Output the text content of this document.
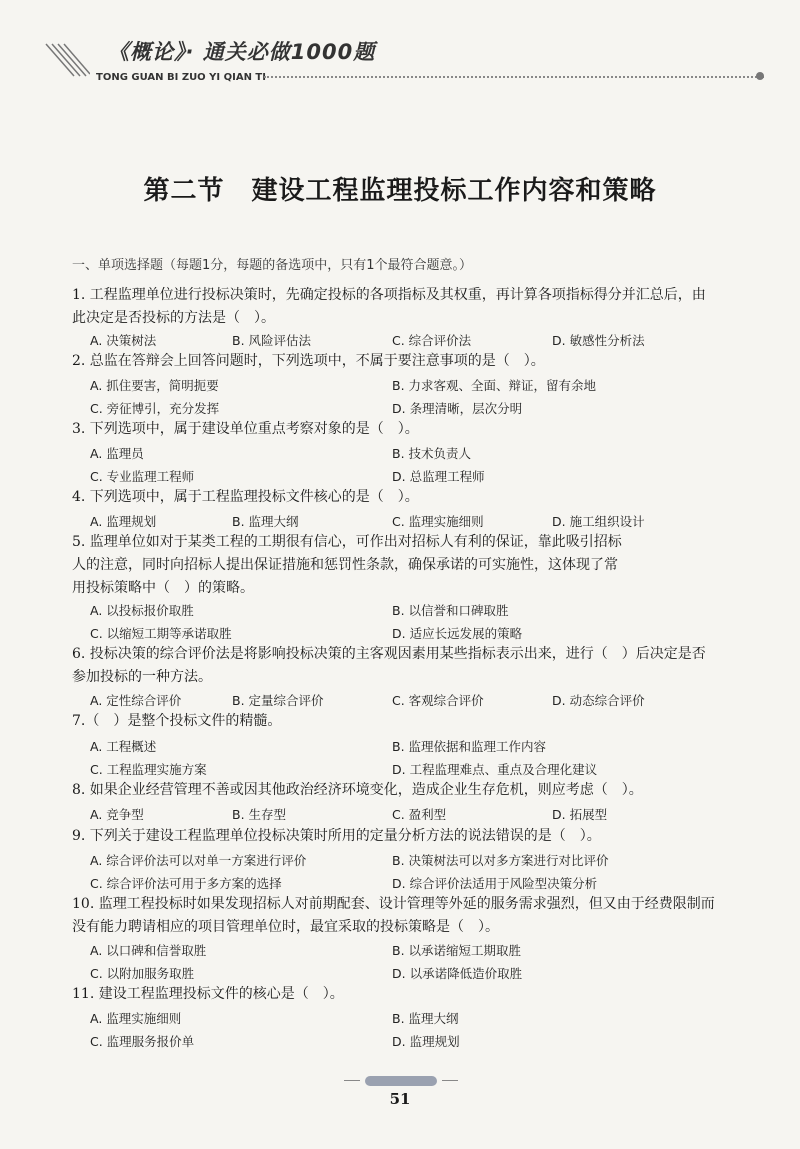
《概论》· 通关必做1000题
TONG GUAN BI ZUO YI QIAN TI
第二节　建设工程监理投标工作内容和策略
一、单项选择题（每题1分，每题的备选项中，只有1个最符合题意。）
1. 工程监理单位进行投标决策时，先确定投标的各项指标及其权重，再计算各项指标得分并汇总后，由
此决定是否投标的方法是（　）。
A. 决策树法	B. 风险评估法	C. 综合评价法	D. 敏感性分析法
2. 总监在答辩会上回答问题时，下列选项中，不属于要注意事项的是（　）。
A. 抓住要害，简明扼要	B. 力求客观、全面、辩证，留有余地
C. 旁征博引，充分发挥	D. 条理清晰，层次分明
3. 下列选项中，属于建设单位重点考察对象的是（　）。
A. 监理员	B. 技术负责人
C. 专业监理工程师	D. 总监理工程师
4. 下列选项中，属于工程监理投标文件核心的是（　）。
A. 监理规划	B. 监理大纲	C. 监理实施细则	D. 施工组织设计
5. 监理单位如对于某类工程的工期很有信心，可作出对招标人有利的保证，靠此吸引招标
人的注意，同时向招标人提出保证措施和惩罚性条款，确保承诺的可实施性，这体现了常
用投标策略中（　）的策略。
A. 以投标报价取胜	B. 以信誉和口碑取胜
C. 以缩短工期等承诺取胜	D. 适应长远发展的策略
6. 投标决策的综合评价法是将影响投标决策的主客观因素用某些指标表示出来，进行（　）后决定是否
参加投标的一种方法。
A. 定性综合评价	B. 定量综合评价	C. 客观综合评价	D. 动态综合评价
7.（　）是整个投标文件的精髓。
A. 工程概述	B. 监理依据和监理工作内容
C. 工程监理实施方案	D. 工程监理难点、重点及合理化建议
8. 如果企业经营管理不善或因其他政治经济环境变化，造成企业生存危机，则应考虑（　）。
A. 竞争型	B. 生存型	C. 盈利型	D. 拓展型
9. 下列关于建设工程监理单位投标决策时所用的定量分析方法的说法错误的是（　）。
A. 综合评价法可以对单一方案进行评价	B. 决策树法可以对多方案进行对比评价
C. 综合评价法可用于多方案的选择	D. 综合评价法适用于风险型决策分析
10. 监理工程投标时如果发现招标人对前期配套、设计管理等外延的服务需求强烈，但又由于经费限制而
没有能力聘请相应的项目管理单位时，最宜采取的投标策略是（　）。
A. 以口碑和信誉取胜	B. 以承诺缩短工期取胜
C. 以附加服务取胜	D. 以承诺降低造价取胜
11. 建设工程监理投标文件的核心是（　）。
A. 监理实施细则	B. 监理大纲
C. 监理服务报价单	D. 监理规划
51
